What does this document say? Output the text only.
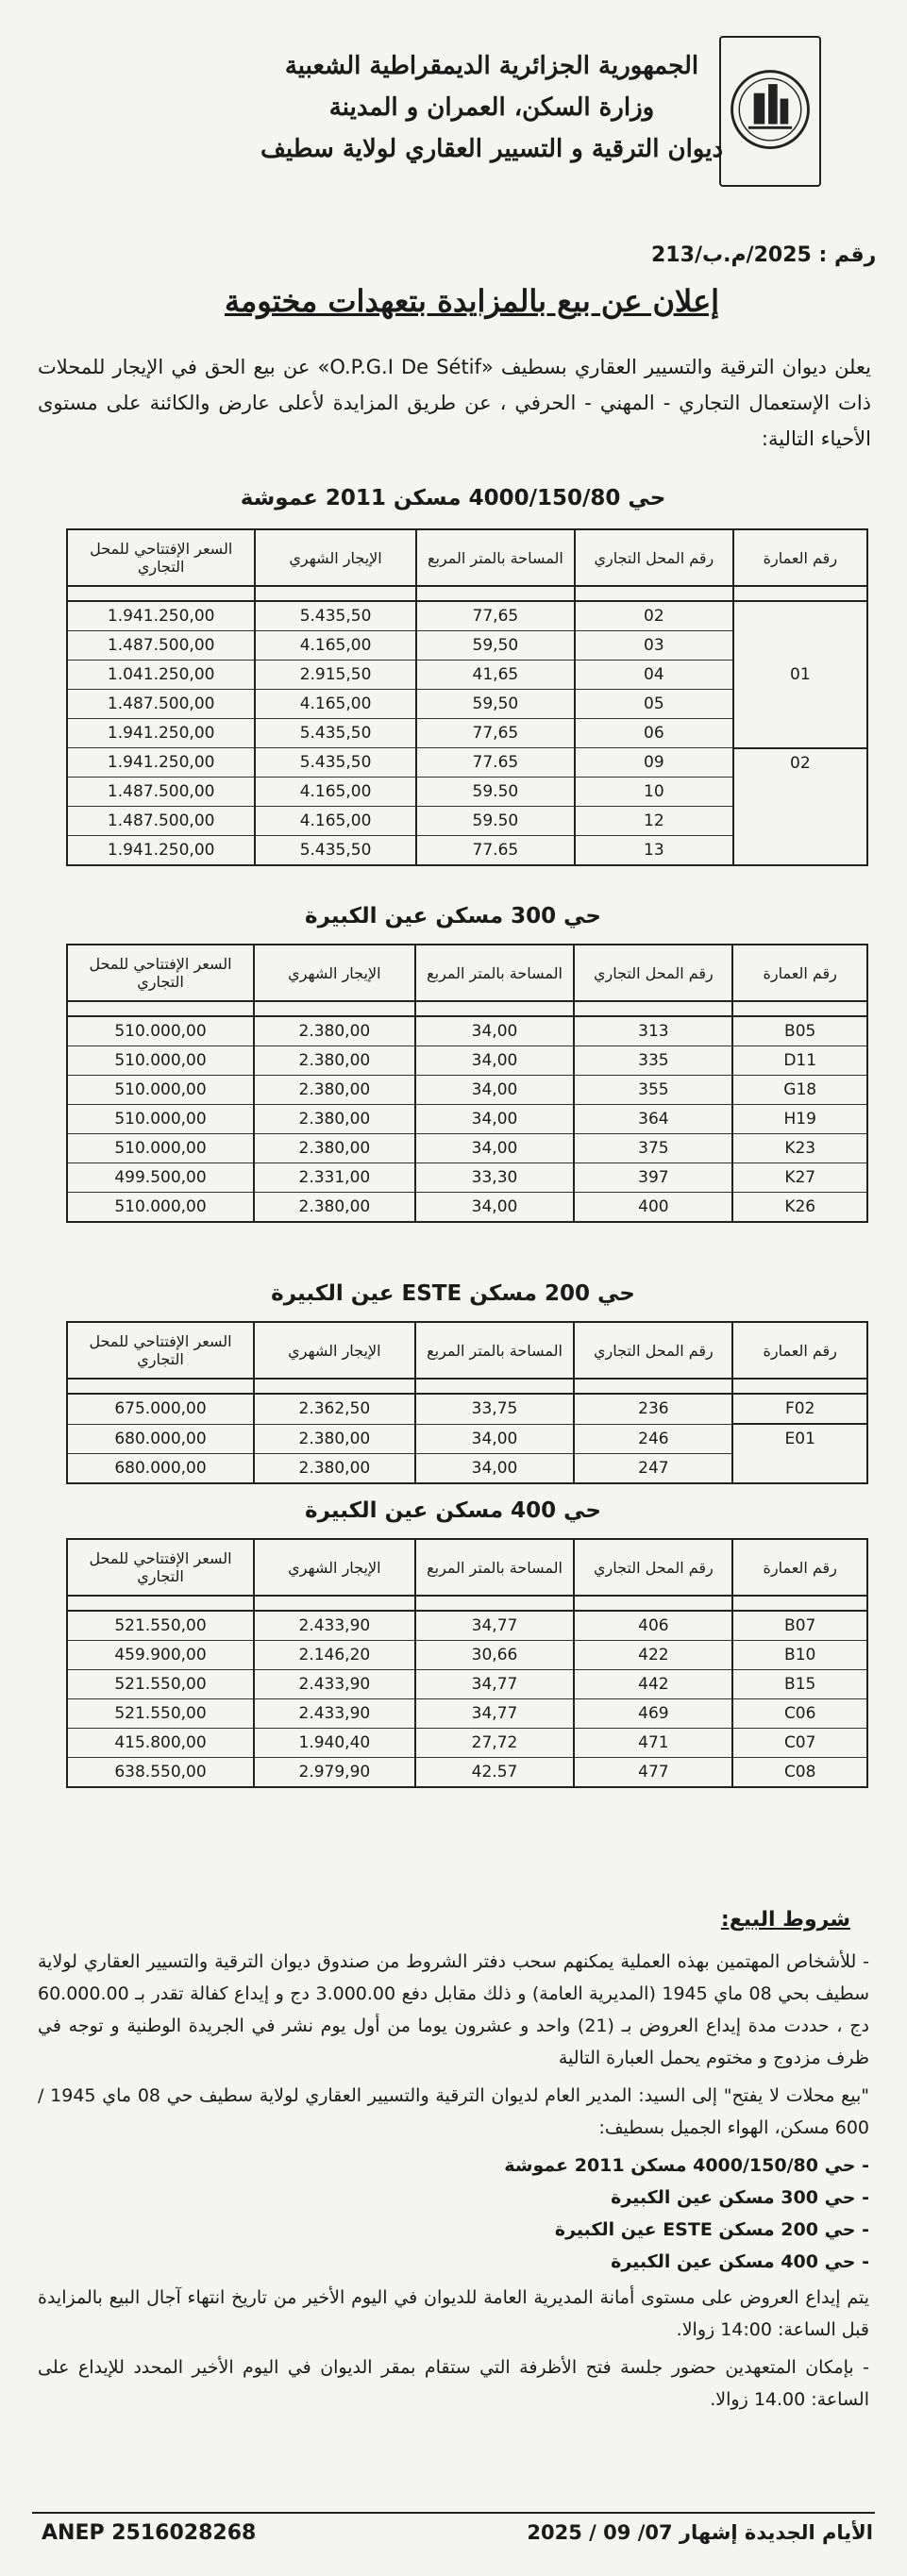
الجمهورية الجزائرية الديمقراطية الشعبية
وزارة السكن، العمران و المدينة
ديوان الترقية و التسيير العقاري لولاية سطيف
رقم : 2025/م.ب/213
إعلان عن بيع بالمزايدة بتعهدات مختومة
يعلن ديوان الترقية والتسيير العقاري بسطيف «O.P.G.I De Sétif» عن بيع الحق في الإيجار للمحلات ذات الإستعمال التجاري - المهني - الحرفي ، عن طريق المزايدة لأعلى عارض والكائنة على مستوى الأحياء التالية:
حي 4000/150/80 مسكن 2011 عموشة
رقم العمارة	رقم المحل التجاري	المساحة بالمتر المربع	الإيجار الشهري	السعر الإفتتاحي للمحل التجاري

	02	77,65	5.435,50	1.941.250,00
	03	59,50	4.165,00	1.487.500,00
01	04	41,65	2.915,50	1.041.250,00
	05	59,50	4.165,00	1.487.500,00
	06	77,65	5.435,50	1.941.250,00
02	09	77.65	5.435,50	1.941.250,00
	10	59.50	4.165,00	1.487.500,00
	12	59.50	4.165,00	1.487.500,00
	13	77.65	5.435,50	1.941.250,00
حي 300 مسكن عين الكبيرة
رقم العمارة	رقم المحل التجاري	المساحة بالمتر المربع	الإيجار الشهري	السعر الإفتتاحي للمحل التجاري

B05	313	34,00	2.380,00	510.000,00
D11	335	34,00	2.380,00	510.000,00
G18	355	34,00	2.380,00	510.000,00
H19	364	34,00	2.380,00	510.000,00
K23	375	34,00	2.380,00	510.000,00
K27	397	33,30	2.331,00	499.500,00
K26	400	34,00	2.380,00	510.000,00
حي 200 مسكن ESTE عين الكبيرة
رقم العمارة	رقم المحل التجاري	المساحة بالمتر المربع	الإيجار الشهري	السعر الإفتتاحي للمحل التجاري

F02	236	33,75	2.362,50	675.000,00
E01	246	34,00	2.380,00	680.000,00
	247	34,00	2.380,00	680.000,00
حي 400 مسكن عين الكبيرة
رقم العمارة	رقم المحل التجاري	المساحة بالمتر المربع	الإيجار الشهري	السعر الإفتتاحي للمحل التجاري

B07	406	34,77	2.433,90	521.550,00
B10	422	30,66	2.146,20	459.900,00
B15	442	34,77	2.433,90	521.550,00
C06	469	34,77	2.433,90	521.550,00
C07	471	27,72	1.940,40	415.800,00
C08	477	42.57	2.979,90	638.550,00
شروط البيع:

- للأشخاص المهتمين بهذه العملية يمكنهم سحب دفتر الشروط من صندوق ديوان الترقية والتسيير العقاري لولاية سطيف بحي 08 ماي 1945 (المديرية العامة) و ذلك مقابل دفع 3.000.00 دج و إيداع كفالة تقدر بـ 60.000.00 دج ، حددت مدة إيداع العروض بـ (21) واحد و عشرون يوما من أول يوم نشر في الجريدة الوطنية و توجه في ظرف مزدوج و مختوم يحمل العبارة التالية

"بيع محلات لا يفتح" إلى السيد: المدير العام لديوان الترقية والتسيير العقاري لولاية سطيف حي 08 ماي 1945 / 600 مسكن، الهواء الجميل بسطيف:

- حي 4000/150/80 مسكن 2011 عموشة
- حي 300 مسكن عين الكبيرة
- حي 200 مسكن ESTE عين الكبيرة
- حي 400 مسكن عين الكبيرة

يتم إيداع العروض على مستوى أمانة المديرية العامة للديوان في اليوم الأخير من تاريخ انتهاء آجال البيع بالمزايدة قبل الساعة: 14:00 زوالا.

- بإمكان المتعهدين حضور جلسة فتح الأظرفة التي ستقام بمقر الديوان في اليوم الأخير المحدد للإيداع على الساعة: 14.00 زوالا.

ANEP 2516028268	الأيام الجديدة إشهار 07/ 09 / 2025
